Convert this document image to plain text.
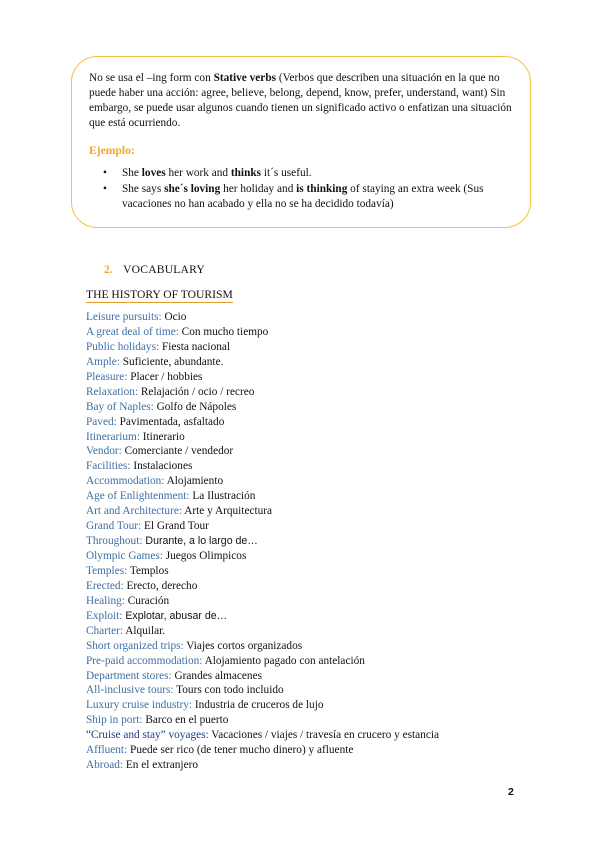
No se usa el –ing form con Stative verbs (Verbos que describen una situación en la que no puede haber una acción: agree, believe, belong, depend, know, prefer, understand, want) Sin embargo, se puede usar algunos cuando tienen un significado activo o enfatizan una situación que está ocurriendo.

Ejemplo:
• She loves her work and thinks it´s useful.
• She says she´s loving her holiday and is thinking of staying an extra week (Sus vacaciones no han acabado y ella no se ha decidido todavía)
2. VOCABULARY
THE HISTORY OF TOURISM
Leisure pursuits: Ocio
A great deal of time: Con mucho tiempo
Public holidays: Fiesta nacional
Ample: Suficiente, abundante.
Pleasure: Placer / hobbies
Relaxation: Relajación / ocio / recreo
Bay of Naples: Golfo de Nápoles
Paved: Pavimentada, asfaltado
Itinerarium: Itinerario
Vendor: Comerciante / vendedor
Facilities: Instalaciones
Accommodation: Alojamiento
Age of Enlightenment: La Ilustración
Art and Architecture: Arte y Arquitectura
Grand Tour: El Grand Tour
Throughout: Durante, a lo largo de…
Olympic Games: Juegos Olimpicos
Temples: Templos
Erected: Erecto, derecho
Healing: Curación
Exploit: Explotar, abusar de…
Charter: Alquilar.
Short organized trips: Viajes cortos organizados
Pre-paid accommodation: Alojamiento pagado con antelación
Department stores: Grandes almacenes
All-inclusive tours: Tours con todo incluido
Luxury cruise industry: Industria de cruceros de lujo
Ship in port: Barco en el puerto
“Cruise and stay” voyages: Vacaciones / viajes / travesía en crucero y estancia
Affluent: Puede ser rico (de tener mucho dinero) y afluente
Abroad: En el extranjero
2
